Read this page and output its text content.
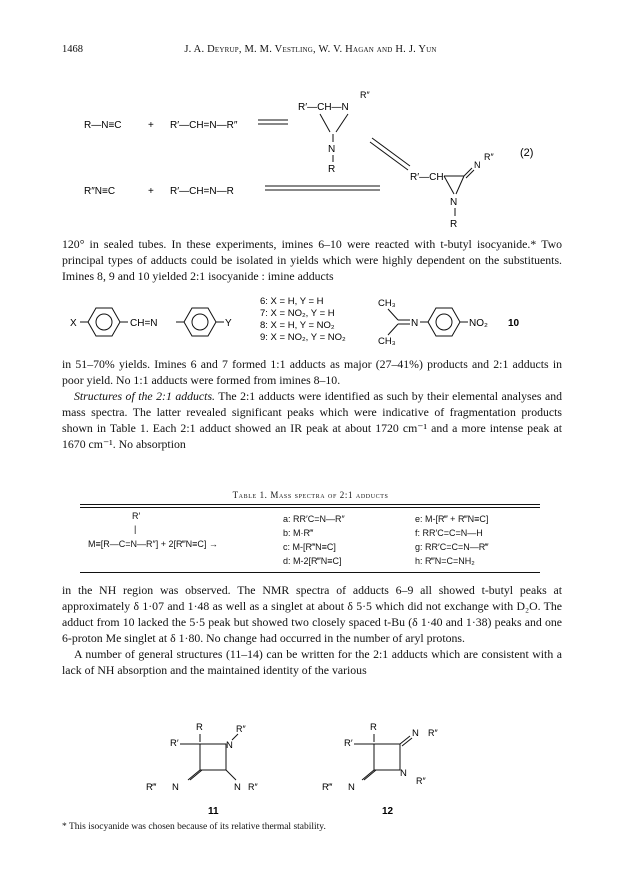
1468	J. A. Deyrup, M. M. Vestling, W. V. Hagan and H. J. Yun
R—N≡C	+ R′—CH=N—R″
R′—CH—N
R″
N
R
(2)
R″N≡C	+ R′—CH=N—R
R′—CH
N
R″
N
R

120° in sealed tubes. In these experiments, imines 6–10 were reacted with t-butyl isocyanide.* Two principal types of adducts could be isolated in yields which were highly dependent on the substituents. Imines 8, 9 and 10 yielded 2:1 isocyanide : imine adducts

X	CH=N	Y
6: X = H, Y = H
7: X = NO₂, Y = H
8: X = H, Y = NO₂
9: X = NO₂, Y = NO₂
CH₃
CH₃
N	NO₂ 10

in 51–70% yields. Imines 6 and 7 formed 1:1 adducts as major (27–41%) products and 2:1 adducts in poor yield. No 1:1 adducts were formed from imines 8–10.

Structures of the 2:1 adducts. The 2:1 adducts were identified as such by their elemental analyses and mass spectra. The latter revealed significant peaks which were indicative of fragmentation products shown in Table 1. Each 2:1 adduct showed an IR peak at about 1720 cm⁻¹ and a more intense peak at 1670 cm⁻¹. No absorption

Table 1. Mass spectra of 2:1 adducts
R′
|
M≡[R—C=N—R″] + 2[R‴N≡C] →
a: RR′C=N—R″
b: M·R‴
c: M-[R‴N≡C]
d: M-2[R‴N≡C]
e: M-[R‴ + R‴N≡C]
f: RR′C=C=N—H
g: RR′C=C=N—R‴
h: R‴N=C=NH₂

in the NH region was observed. The NMR spectra of adducts 6–9 all showed t-butyl peaks at approximately δ 1·07 and 1·48 as well as a singlet at about δ 5·5 which did not exchange with D₂O. The adduct from 10 lacked the 5·5 peak but showed two closely spaced t-Bu (δ 1·40 and 1·38) peaks and one 6-proton Me singlet at δ 1·80. No change had occurred in the number of aryl protons.

A number of general structures (11–14) can be written for the 2:1 adducts which are consistent with a lack of NH absorption and the maintained identity of the various

R
R′
R″
N
R‴ N	N R″
11
R
R′
N R″
N
R″
R‴ N
12
* This isocyanide was chosen because of its relative thermal stability.
